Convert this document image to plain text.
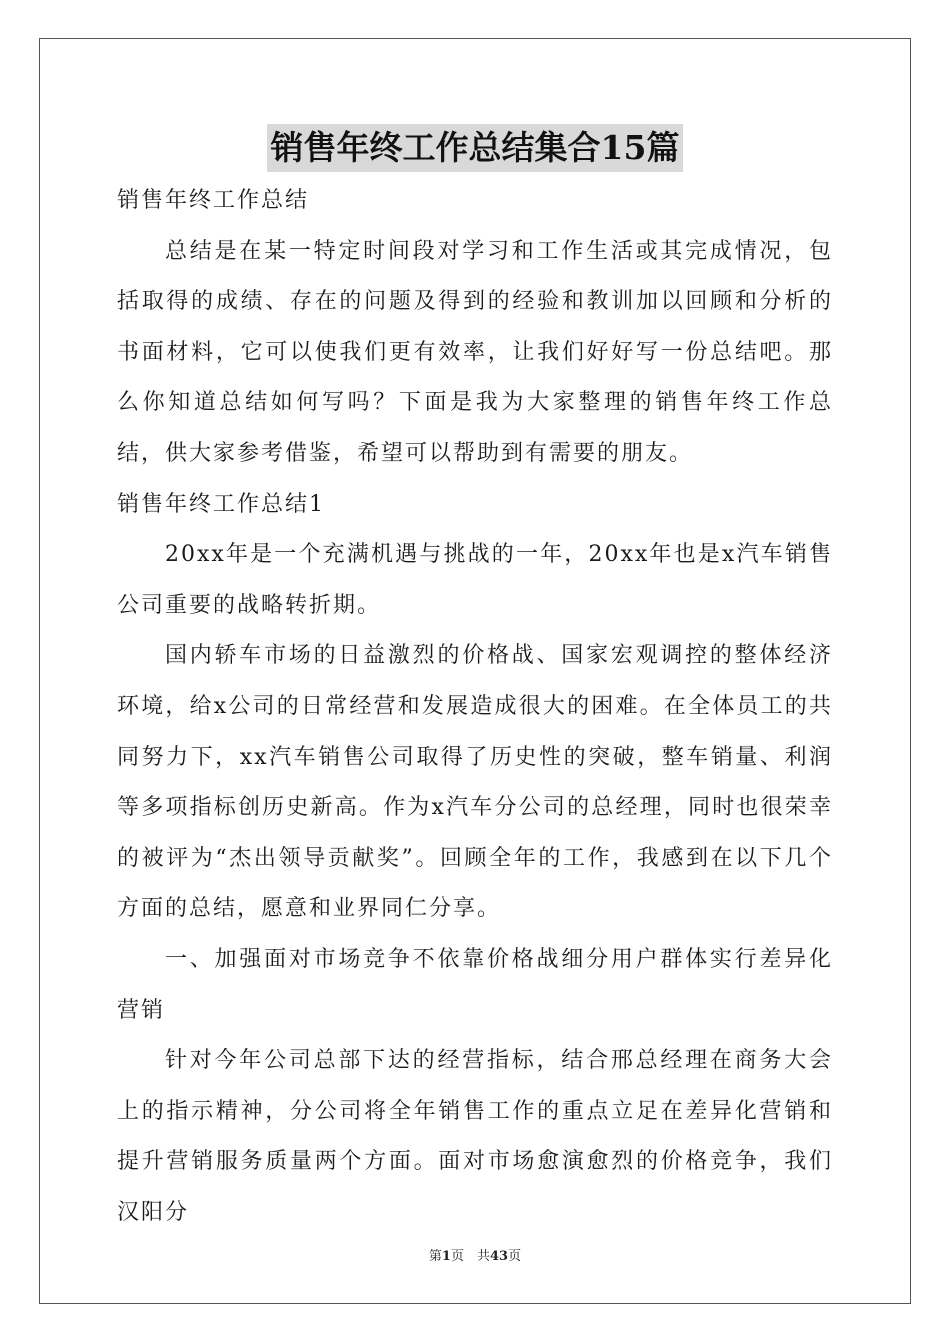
销售年终工作总结集合15篇

销售年终工作总结

总结是在某一特定时间段对学习和工作生活或其完成情况，包括取得的成绩、存在的问题及得到的经验和教训加以回顾和分析的书面材料，它可以使我们更有效率，让我们好好写一份总结吧。那么你知道总结如何写吗？下面是我为大家整理的销售年终工作总结，供大家参考借鉴，希望可以帮助到有需要的朋友。

销售年终工作总结1

20xx年是一个充满机遇与挑战的一年，20xx年也是x汽车销售公司重要的战略转折期。

国内轿车市场的日益激烈的价格战、国家宏观调控的整体经济环境，给x公司的日常经营和发展造成很大的困难。在全体员工的共同努力下，xx汽车销售公司取得了历史性的突破，整车销量、利润等多项指标创历史新高。作为x汽车分公司的总经理，同时也很荣幸的被评为“杰出领导贡献奖”。回顾全年的工作，我感到在以下几个方面的总结，愿意和业界同仁分享。

一、加强面对市场竞争不依靠价格战细分用户群体实行差异化营销

针对今年公司总部下达的经营指标，结合邢总经理在商务大会上的指示精神，分公司将全年销售工作的重点立足在差异化营销和提升营销服务质量两个方面。面对市场愈演愈烈的价格竞争，我们汉阳分

第1页　共43页
